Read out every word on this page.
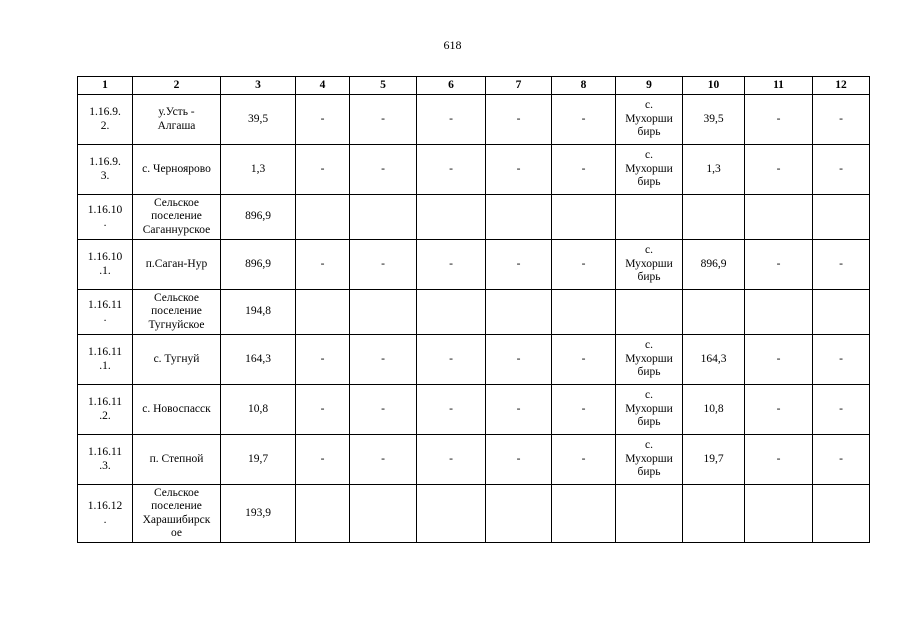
618
1	2	3	4	5	6	7	8	9	10	11	12
1.16.9.
2.	у.Усть -
Алгаша	39,5	-	-	-	-	-	с.
Мухорши
бирь	39,5	-	-
1.16.9.
3.	с. Черноярово	1,3	-	-	-	-	-	с.
Мухорши
бирь	1,3	-	-
1.16.10
.	Сельское
поселение
Саганнурское	896,9									
1.16.10
.1.	п.Саган-Нур	896,9	-	-	-	-	-	с.
Мухорши
бирь	896,9	-	-
1.16.11
.	Сельское
поселение
Тугнуйское	194,8									
1.16.11
.1.	с. Тугнуй	164,3	-	-	-	-	-	с.
Мухорши
бирь	164,3	-	-
1.16.11
.2.	с. Новоспасск	10,8	-	-	-	-	-	с.
Мухорши
бирь	10,8	-	-
1.16.11
.3.	п. Степной	19,7	-	-	-	-	-	с.
Мухорши
бирь	19,7	-	-
1.16.12
.	Сельское
поселение
Харашибирск
ое	193,9									
